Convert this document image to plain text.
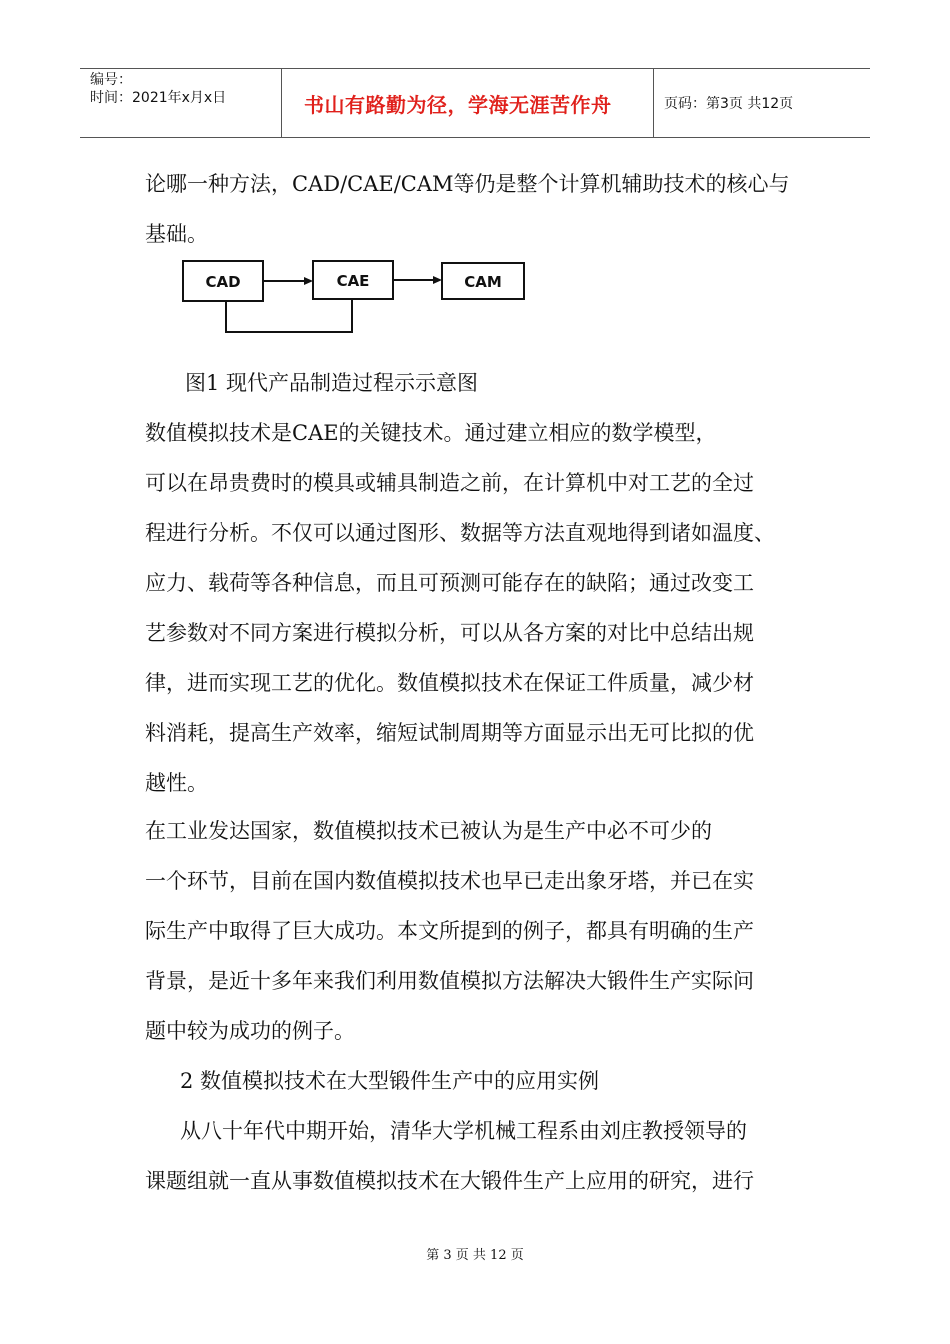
编号：
时间：2021年x月x日	书山有路勤为径，学海无涯苦作舟	页码：第3页 共12页
论哪一种方法，CAD/CAE/CAM等仍是整个计算机辅助技术的核心与
基础。
CAD	CAE	CAM
图1 现代产品制造过程示示意图
数值模拟技术是CAE的关键技术。通过建立相应的数学模型，
可以在昂贵费时的模具或辅具制造之前，在计算机中对工艺的全过
程进行分析。不仅可以通过图形、数据等方法直观地得到诸如温度、
应力、载荷等各种信息，而且可预测可能存在的缺陷；通过改变工
艺参数对不同方案进行模拟分析，可以从各方案的对比中总结出规
律，进而实现工艺的优化。数值模拟技术在保证工件质量，减少材
料消耗，提高生产效率，缩短试制周期等方面显示出无可比拟的优
越性。
在工业发达国家，数值模拟技术已被认为是生产中必不可少的
一个环节，目前在国内数值模拟技术也早已走出象牙塔，并已在实
际生产中取得了巨大成功。本文所提到的例子，都具有明确的生产
背景，是近十多年来我们利用数值模拟方法解决大锻件生产实际问
题中较为成功的例子。
2 数值模拟技术在大型锻件生产中的应用实例
从八十年代中期开始，清华大学机械工程系由刘庄教授领导的
课题组就一直从事数值模拟技术在大锻件生产上应用的研究，进行
第 3 页 共 12 页
